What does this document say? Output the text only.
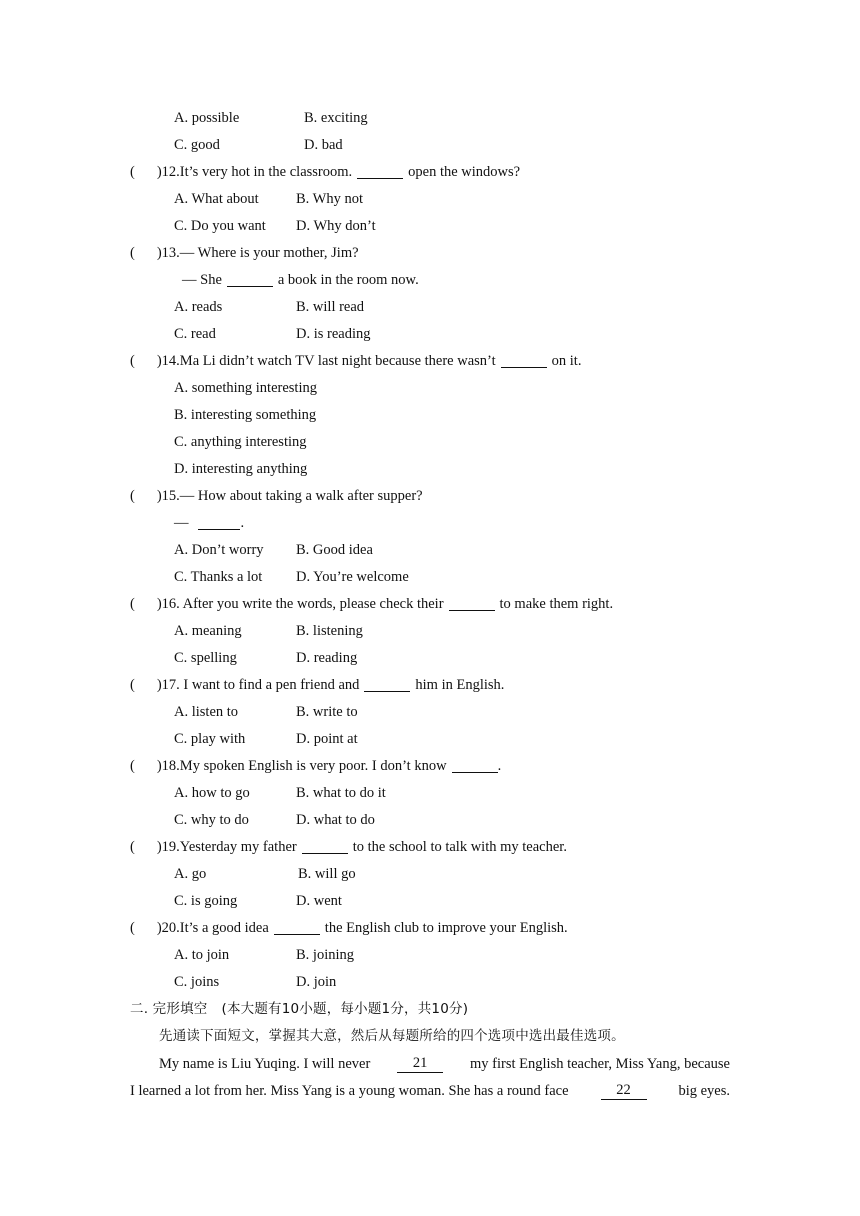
A. possible	B. exciting
C. good	D. bad
( )12.It’s very hot in the classroom.	open the windows?
A. What about	B. Why not
C. Do you want D. Why don’t
( )13.— Where is your mother, Jim?
— She	a book in the room now.
A. reads	B. will read
C. read	D. is reading
( )14.Ma Li didn’t watch TV last night because there wasn’t	on it.
A. something interesting
B. interesting something
C. anything interesting
D. interesting anything
( )15.— How about taking a walk after supper?
—	.
A. Don’t worry B. Good idea
C. Thanks a lot D. You’re welcome
( )16. After you write the words, please check their	to make them right.
A. meaning	B. listening
C. spelling	D. reading
( )17. I want to find a pen friend and	him in English.
A. listen to	B. write to
C. play with	D. point at
( )18.My spoken English is very poor. I don’t know	.
A. how to go	B. what to do it
C. why to do	D. what to do
( )19.Yesterday my father	to the school to talk with my teacher.
A. go	B. will go
C. is going	D. went
( )20.It’s a good idea	the English club to improve your English.
A. to join	B. joining
C. joins	D. join
二. 完形填空 (本大题有10小题，每小题1分，共10分)
先通读下面短文，掌握其大意，然后从每题所给的四个选项中选出最佳选项。
My name is Liu Yuqing. I will never	21	my first English teacher, Miss Yang, because
I learned a lot from her. Miss Yang is a young woman. She has a round face	22	big eyes.
